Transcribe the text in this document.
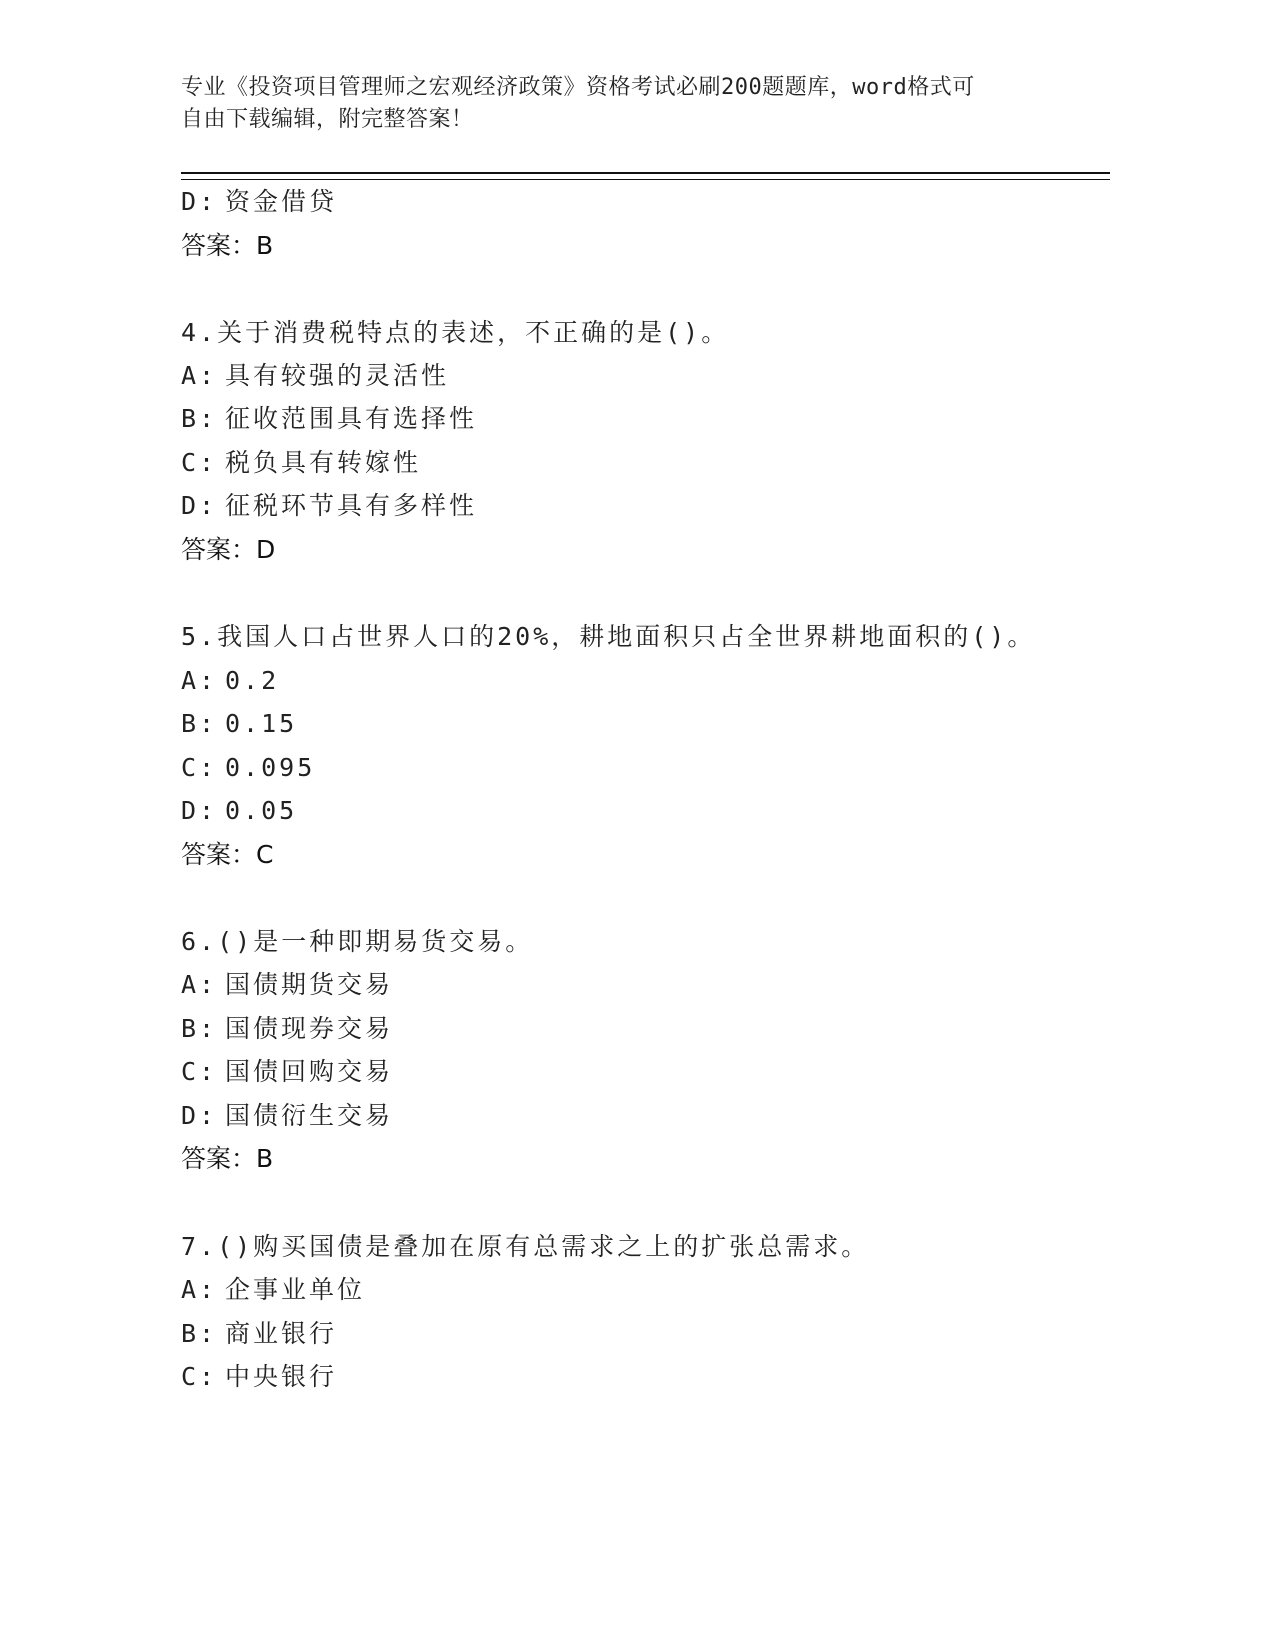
专业《投资项目管理师之宏观经济政策》资格考试必刷200题题库，word格式可
自由下载编辑，附完整答案！
D: 资金借贷
答案：B
4.关于消费税特点的表述，不正确的是()。
A: 具有较强的灵活性
B: 征收范围具有选择性
C: 税负具有转嫁性
D: 征税环节具有多样性
答案：D
5.我国人口占世界人口的20%，耕地面积只占全世界耕地面积的()。
A: 0.2
B: 0.15
C: 0.095
D: 0.05
答案：C
6.()是一种即期易货交易。
A: 国债期货交易
B: 国债现券交易
C: 国债回购交易
D: 国债衍生交易
答案：B
7.()购买国债是叠加在原有总需求之上的扩张总需求。
A: 企事业单位
B: 商业银行
C: 中央银行
